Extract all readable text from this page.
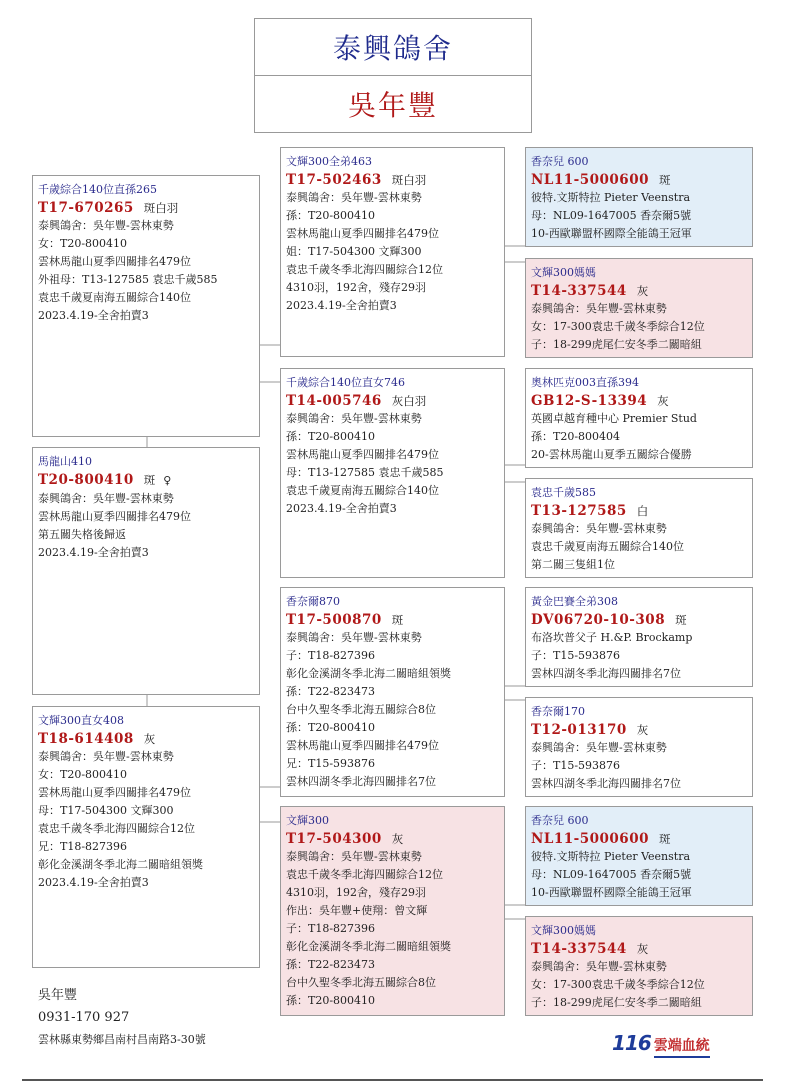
泰興鴿舍
吳年豐
千歲綜合140位直孫265
T17-670265 斑白羽
泰興鴿舍：吳年豐-雲林東勢
女：T20-800410
雲林馬龍山夏季四關排名479位
外祖母：T13-127585 袁忠千歲585
袁忠千歲夏南海五關綜合140位
2023.4.19-全舍拍賣3
馬龍山410
T20-800410 斑 ♀
泰興鴿舍：吳年豐-雲林東勢
雲林馬龍山夏季四關排名479位
第五關失格後歸返
2023.4.19-全舍拍賣3
文輝300直女408
T18-614408 灰
泰興鴿舍：吳年豐-雲林東勢
女：T20-800410
雲林馬龍山夏季四關排名479位
母：T17-504300 文輝300
袁忠千歲冬季北海四關綜合12位
兄：T18-827396
彰化金溪湖冬季北海二關暗組領獎
2023.4.19-全舍拍賣3
文輝300全弟463
T17-502463 斑白羽
泰興鴿舍：吳年豐-雲林東勢
孫：T20-800410
雲林馬龍山夏季四關排名479位
姐：T17-504300 文輝300
袁忠千歲冬季北海四關綜合12位
4310羽，192舍，殘存29羽
2023.4.19-全舍拍賣3
千歲綜合140位直女746
T14-005746 灰白羽
泰興鴿舍：吳年豐-雲林東勢
孫：T20-800410
雲林馬龍山夏季四關排名479位
母：T13-127585 袁忠千歲585
袁忠千歲夏南海五關綜合140位
2023.4.19-全舍拍賣3
香奈爾870
T17-500870 斑
泰興鴿舍：吳年豐-雲林東勢
子：T18-827396
彰化金溪湖冬季北海二關暗組領獎
孫：T22-823473
台中久聖冬季北海五關綜合8位
孫：T20-800410
雲林馬龍山夏季四關排名479位
兄：T15-593876
雲林四湖冬季北海四關排名7位
文輝300
T17-504300 灰
泰興鴿舍：吳年豐-雲林東勢
袁忠千歲冬季北海四關綜合12位
4310羽，192舍，殘存29羽
作出：吳年豐+使翔：曾文輝
子：T18-827396
彰化金溪湖冬季北海二關暗組領獎
孫：T22-823473
台中久聖冬季北海五關綜合8位
孫：T20-800410
香奈兒 600
NL11-5000600 斑
彼特.文斯特拉 Pieter Veenstra
母：NL09-1647005 香奈爾5號
10-西歐聯盟杯國際全能鴿王冠軍
文輝300媽媽
T14-337544 灰
泰興鴿舍：吳年豐-雲林東勢
女：17-300袁忠千歲冬季綜合12位
子：18-299虎尾仁安冬季二關暗組
奧林匹克003直孫394
GB12-S-13394 灰
英國卓越育種中心 Premier Stud
孫：T20-800404
20-雲林馬龍山夏季五關綜合優勝
袁忠千歲585
T13-127585 白
泰興鴿舍：吳年豐-雲林東勢
袁忠千歲夏南海五關綜合140位
第二關三隻組1位
黃金巴賽全弟308
DV06720-10-308 斑
布洛坎普父子 H.&P. Brockamp
子：T15-593876
雲林四湖冬季北海四關排名7位
香奈爾170
T12-013170 灰
泰興鴿舍：吳年豐-雲林東勢
子：T15-593876
雲林四湖冬季北海四關排名7位
香奈兒 600
NL11-5000600 斑
彼特.文斯特拉 Pieter Veenstra
母：NL09-1647005 香奈爾5號
10-西歐聯盟杯國際全能鴿王冠軍
文輝300媽媽
T14-337544 灰
泰興鴿舍：吳年豐-雲林東勢
女：17-300袁忠千歲冬季綜合12位
子：18-299虎尾仁安冬季二關暗組
吳年豐
0931-170 927
雲林縣東勢鄉昌南村昌南路3-30號	116 雲端血統
